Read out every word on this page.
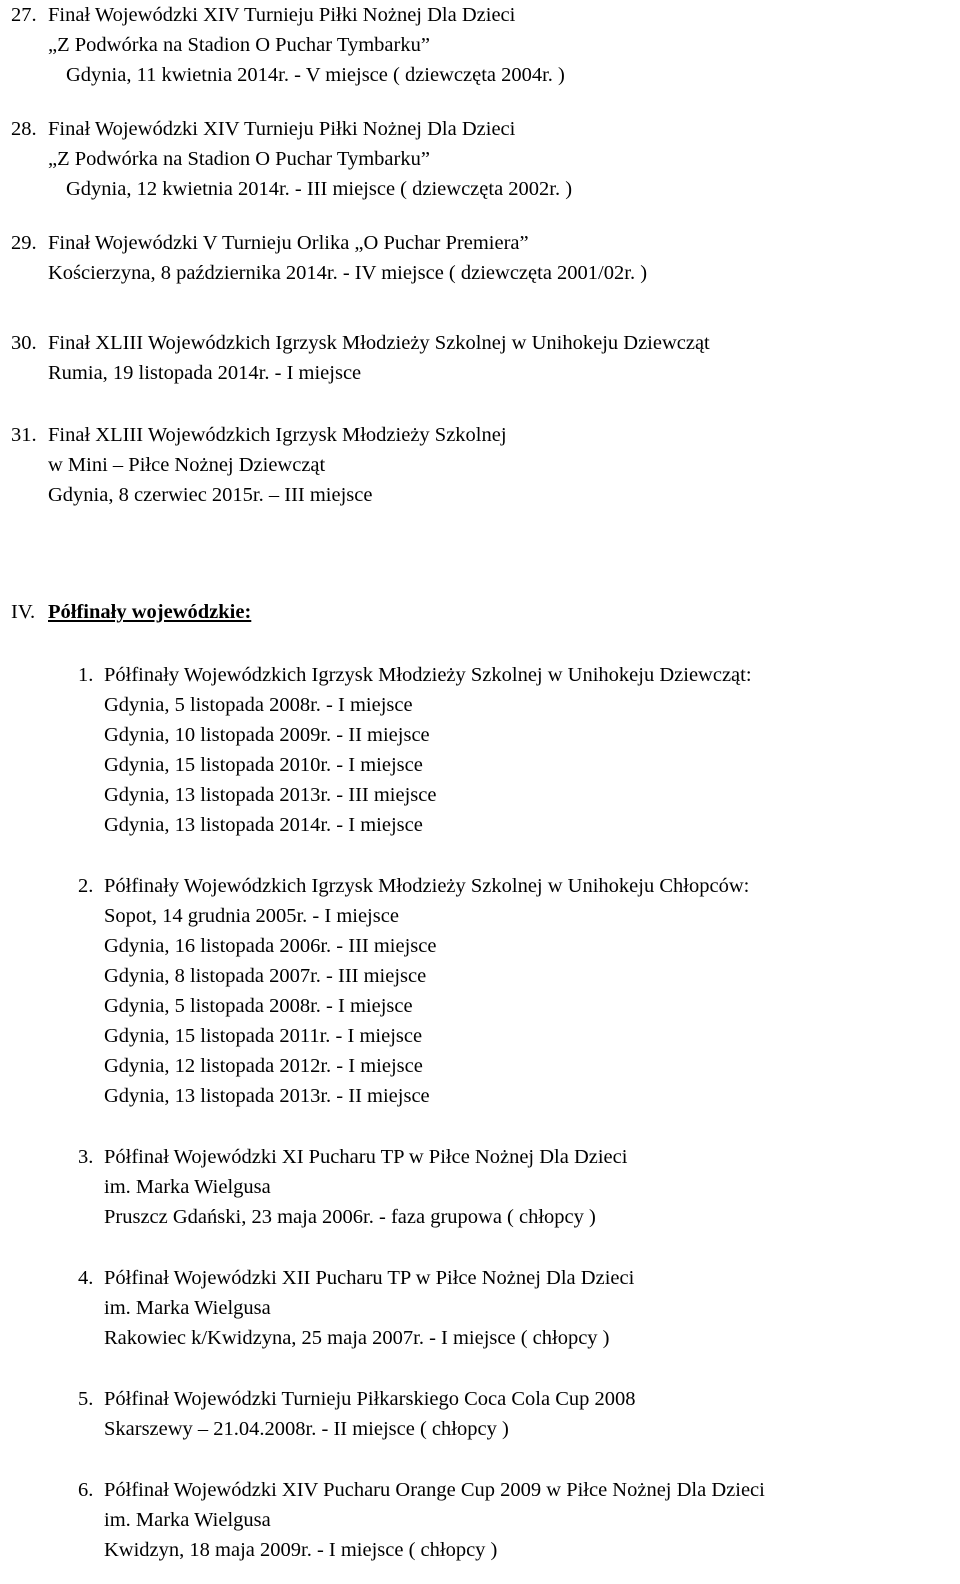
27. Finał Wojewódzki XIV Turnieju Piłki Nożnej Dla Dzieci
„Z Podwórka na Stadion O Puchar Tymbarku”
Gdynia, 11 kwietnia 2014r. - V miejsce ( dziewczęta 2004r. )
28. Finał Wojewódzki XIV Turnieju Piłki Nożnej Dla Dzieci
„Z Podwórka na Stadion O Puchar Tymbarku”
Gdynia, 12 kwietnia 2014r. - III miejsce ( dziewczęta 2002r. )
29. Finał Wojewódzki V Turnieju Orlika „O Puchar Premiera”
Kościerzyna, 8 października 2014r. - IV miejsce ( dziewczęta 2001/02r. )
30. Finał XLIII Wojewódzkich Igrzysk Młodzieży Szkolnej w Unihokeju Dziewcząt
Rumia, 19 listopada 2014r. - I miejsce
31. Finał XLIII Wojewódzkich Igrzysk Młodzieży Szkolnej
w Mini – Piłce Nożnej Dziewcząt
Gdynia, 8 czerwiec 2015r. – III miejsce
IV. Półfinały wojewódzkie:
1. Półfinały Wojewódzkich Igrzysk Młodzieży Szkolnej w Unihokeju Dziewcząt:
Gdynia, 5 listopada 2008r. - I miejsce
Gdynia, 10 listopada 2009r. - II miejsce
Gdynia, 15 listopada 2010r. - I miejsce
Gdynia, 13 listopada 2013r. - III miejsce
Gdynia, 13 listopada 2014r. - I miejsce
2. Półfinały Wojewódzkich Igrzysk Młodzieży Szkolnej w Unihokeju Chłopców:
Sopot, 14 grudnia 2005r. - I miejsce
Gdynia, 16 listopada 2006r. - III miejsce
Gdynia, 8 listopada 2007r. - III miejsce
Gdynia, 5 listopada 2008r. - I miejsce
Gdynia, 15 listopada 2011r. - I miejsce
Gdynia, 12 listopada 2012r. - I miejsce
Gdynia, 13 listopada 2013r. - II miejsce
3. Półfinał Wojewódzki XI Pucharu TP w Piłce Nożnej Dla Dzieci
im. Marka Wielgusa
Pruszcz Gdański, 23 maja 2006r. - faza grupowa ( chłopcy )
4. Półfinał Wojewódzki XII Pucharu TP w Piłce Nożnej Dla Dzieci
im. Marka Wielgusa
Rakowiec k/Kwidzyna, 25 maja 2007r. - I miejsce ( chłopcy )
5. Półfinał Wojewódzki Turnieju Piłkarskiego Coca Cola Cup 2008
Skarszewy – 21.04.2008r. - II miejsce ( chłopcy )
6. Półfinał Wojewódzki XIV Pucharu Orange Cup 2009 w Piłce Nożnej Dla Dzieci
im. Marka Wielgusa
Kwidzyn, 18 maja 2009r. - I miejsce ( chłopcy )
